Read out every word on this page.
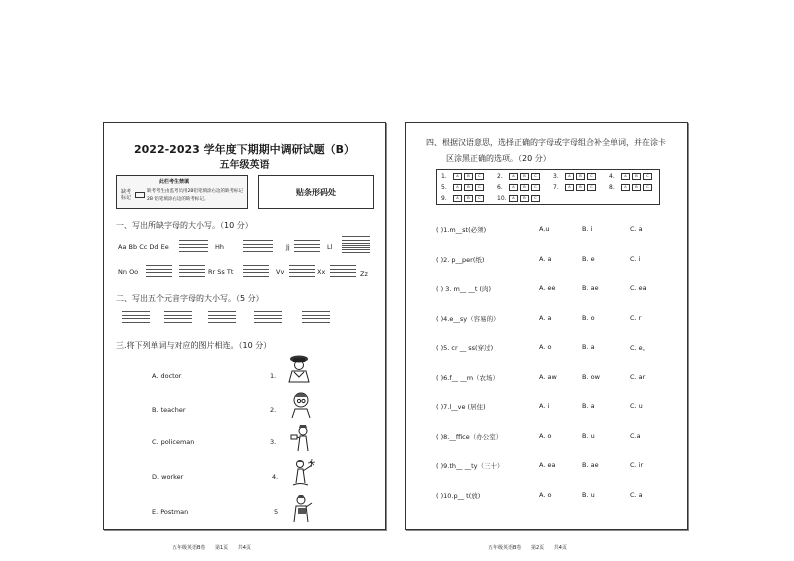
2022-2023 学年度下期期中调研试题（B）
五年级英语
此栏考生禁填
缺考 标记
缺考考生由监考员用2B铅笔填涂右边的缺考标记
2B 铅笔填涂右边的缺考标记。
贴条形码处
一、写出所缺字母的大小写。（10 分）
Aa Bb Cc Dd Ee	Hh	Jj	Ll
Nn Oo	Rr Ss Tt	Vv	Xx	Zz
二、写出五个元音字母的大小写。（5 分）
三.将下列单词与对应的图片相连。（10 分）
A. doctor	1.
B. teacher	2.
C. policeman	3.
D. worker	4.
E. Postman	5
五年级英语B卷 第1页 共4页
四、根据汉语意思，选择正确的字母或字母组合补全单词，并在涂卡
区涂黑正确的选项。（20 分）
1.	A	B	C	2.	A	B	C	3.	A	B	C	4.	A	B	C
5.	A	B	C	6.	A	B	C	7.	A	B	C	8.	A	B	C
9.	A	B	C	10.	A	B	C
( )1.m__st(必须)	A.u	B. i	C. a
( )2. p__per(纸)	A. a	B. e	C. i
( ) 3. m__ __t (肉)	A. ee	B. ae	C. ea
( )4.e__sy（容易的）	A. a	B. o	C. r
( )5. cr __ ss(穿过)	A. o	B. a	C. e。
( )6.f__ __m（农场）	A. aw	B. ow	C. ar
( )7.l__ve (居住)	A. i	B. a	C. u
( )8.__ffice（办公室）	A. o	B. u	C.a
( )9.th__ __ty（三十）	A. ea	B. ae	C. ir
( )10.p__ t(放)	A. o	B. u	C. a
五年级英语B卷 第2页 共4页
